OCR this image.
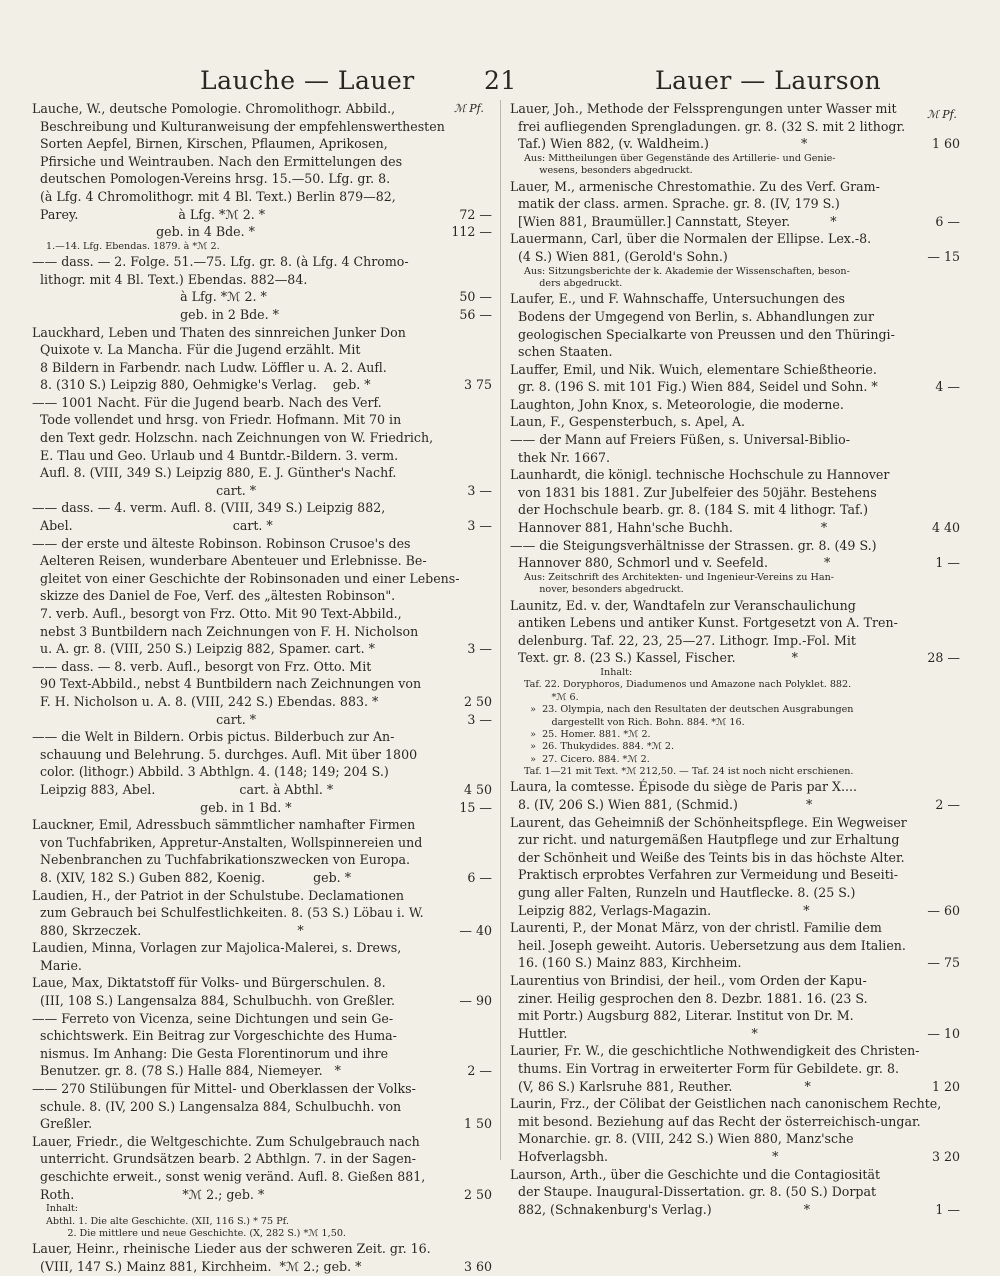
Lauche — Lauer	21	Lauer — Laurson
ℳ Pf.	ℳ Pf.
Lauche, W., deutsche Pomologie. Chromolithogr. Abbild.,
Beschreibung und Kulturanweisung der empfehlenswerthesten
Sorten Aepfel, Birnen, Kirschen, Pflaumen, Aprikosen,
Pfirsiche und Weintrauben. Nach den Ermittelungen des
deutschen Pomologen-Vereins hrsg. 15.—50. Lfg. gr. 8.
(à Lfg. 4 Chromolithogr. mit 4 Bl. Text.) Berlin 879—82,
Parey.                         à Lfg. *ℳ 2. *	72 —
geb. in 4 Bde. *	112 —
1.—14. Lfg. Ebendas. 1879. à *ℳ 2.
—— dass. — 2. Folge. 51.—75. Lfg. gr. 8. (à Lfg. 4 Chromo-
lithogr. mit 4 Bl. Text.) Ebendas. 882—84.
à Lfg. *ℳ 2. *	50 —
geb. in 2 Bde. *	56 —
Lauckhard, Leben und Thaten des sinnreichen Junker Don
Quixote v. La Mancha. Für die Jugend erzählt. Mit
8 Bildern in Farbendr. nach Ludw. Löffler u. A. 2. Aufl.
8. (310 S.) Leipzig 880, Oehmigke's Verlag.    geb. *	3 75
—— 1001 Nacht. Für die Jugend bearb. Nach des Verf.
Tode vollendet und hrsg. von Friedr. Hofmann. Mit 70 in
den Text gedr. Holzschn. nach Zeichnungen von W. Friedrich,
E. Tlau und Geo. Urlaub und 4 Buntdr.-Bildern. 3. verm.
Aufl. 8. (VIII, 349 S.) Leipzig 880, E. J. Günther's Nachf.
cart. *	3 —
—— dass. — 4. verm. Aufl. 8. (VIII, 349 S.) Leipzig 882,
Abel.                                        cart. *	3 —
—— der erste und älteste Robinson. Robinson Crusoe's des
Aelteren Reisen, wunderbare Abenteuer und Erlebnisse. Be-
gleitet von einer Geschichte der Robinsonaden und einer Lebens-
skizze des Daniel de Foe, Verf. des „ältesten Robinson".
7. verb. Aufl., besorgt von Frz. Otto. Mit 90 Text-Abbild.,
nebst 3 Buntbildern nach Zeichnungen von F. H. Nicholson
u. A. gr. 8. (VIII, 250 S.) Leipzig 882, Spamer. cart. *	3 —
—— dass. — 8. verb. Aufl., besorgt von Frz. Otto. Mit
90 Text-Abbild., nebst 4 Buntbildern nach Zeichnungen von
F. H. Nicholson u. A. 8. (VIII, 242 S.) Ebendas. 883. *	2 50
cart. *	3 —
—— die Welt in Bildern. Orbis pictus. Bilderbuch zur An-
schauung und Belehrung. 5. durchges. Aufl. Mit über 1800
color. (lithogr.) Abbild. 3 Abthlgn. 4. (148; 149; 204 S.)
Leipzig 883, Abel.                     cart. à Abthl. *	4 50
geb. in 1 Bd. *	15 —
Lauckner, Emil, Adressbuch sämmtlicher namhafter Firmen
von Tuchfabriken, Appretur-Anstalten, Wollspinnereien und
Nebenbranchen zu Tuchfabrikationszwecken von Europa.
8. (XIV, 182 S.) Guben 882, Koenig.            geb. *	6 —
Laudien, H., der Patriot in der Schulstube. Declamationen
zum Gebrauch bei Schulfestlichkeiten. 8. (53 S.) Löbau i. W.
880, Skrzeczek.                                       *	— 40
Laudien, Minna, Vorlagen zur Majolica-Malerei, s. Drews,
Marie.
Laue, Max, Diktatstoff für Volks- und Bürgerschulen. 8.
(III, 108 S.) Langensalza 884, Schulbuchh. von Greßler.	— 90
—— Ferreto von Vicenza, seine Dichtungen und sein Ge-
schichtswerk. Ein Beitrag zur Vorgeschichte des Huma-
nismus. Im Anhang: Die Gesta Florentinorum und ihre
Benutzer. gr. 8. (78 S.) Halle 884, Niemeyer.   *	2 —
—— 270 Stilübungen für Mittel- und Oberklassen der Volks-
schule. 8. (IV, 200 S.) Langensalza 884, Schulbuchh. von
Greßler.	1 50
Lauer, Friedr., die Weltgeschichte. Zum Schulgebrauch nach
unterricht. Grundsätzen bearb. 2 Abthlgn. 7. in der Sagen-
geschichte erweit., sonst wenig veränd. Aufl. 8. Gießen 881,
Roth.                           *ℳ 2.; geb. *	2 50
Inhalt:
Abthl. 1. Die alte Geschichte. (XII, 116 S.) * 75 Pf.
2. Die mittlere und neue Geschichte. (X, 282 S.) *ℳ 1,50.
Lauer, Heinr., rheinische Lieder aus der schweren Zeit. gr. 16.
(VIII, 147 S.) Mainz 881, Kirchheim.  *ℳ 2.; geb. *	3 60
Lauer, Joh., Methode der Felssprengungen unter Wasser mit
frei aufliegenden Sprengladungen. gr. 8. (32 S. mit 2 lithogr.
Taf.) Wien 882, (v. Waldheim.)                       *	1 60
Aus: Mittheilungen über Gegenstände des Artillerie- und Genie-
wesens, besonders abgedruckt.
Lauer, M., armenische Chrestomathie. Zu des Verf. Gram-
matik der class. armen. Sprache. gr. 8. (IV, 179 S.)
[Wien 881, Braumüller.] Cannstatt, Steyer.          *	6 —
Lauermann, Carl, über die Normalen der Ellipse. Lex.-8.
(4 S.) Wien 881, (Gerold's Sohn.)	— 15
Aus: Sitzungsberichte der k. Akademie der Wissenschaften, beson-
ders abgedruckt.
Laufer, E., und F. Wahnschaffe, Untersuchungen des
Bodens der Umgegend von Berlin, s. Abhandlungen zur
geologischen Specialkarte von Preussen und den Thüringi-
schen Staaten.
Lauffer, Emil, und Nik. Wuich, elementare Schießtheorie.
gr. 8. (196 S. mit 101 Fig.) Wien 884, Seidel und Sohn. *	4 —
Laughton, John Knox, s. Meteorologie, die moderne.
Laun, F., Gespensterbuch, s. Apel, A.
—— der Mann auf Freiers Füßen, s. Universal-Biblio-
thek Nr. 1667.
Launhardt, die königl. technische Hochschule zu Hannover
von 1831 bis 1881. Zur Jubelfeier des 50jähr. Bestehens
der Hochschule bearb. gr. 8. (184 S. mit 4 lithogr. Taf.)
Hannover 881, Hahn'sche Buchh.                      *	4 40
—— die Steigungsverhältnisse der Strassen. gr. 8. (49 S.)
Hannover 880, Schmorl und v. Seefeld.              *	1 —
Aus: Zeitschrift des Architekten- und Ingenieur-Vereins zu Han-
nover, besonders abgedruckt.
Launitz, Ed. v. der, Wandtafeln zur Veranschaulichung
antiken Lebens und antiker Kunst. Fortgesetzt von A. Tren-
delenburg. Taf. 22, 23, 25—27. Lithogr. Imp.-Fol. Mit
Text. gr. 8. (23 S.) Kassel, Fischer.              *	28 —
Inhalt:
Taf. 22. Doryphoros, Diadumenos und Amazone nach Polyklet. 882.
*ℳ 6.
»  23. Olympia, nach den Resultaten der deutschen Ausgrabungen
dargestellt von Rich. Bohn. 884. *ℳ 16.
»  25. Homer. 881. *ℳ 2.
»  26. Thukydides. 884. *ℳ 2.
»  27. Cicero. 884. *ℳ 2.
Taf. 1—21 mit Text. *ℳ 212,50. — Taf. 24 ist noch nicht erschienen.
Laura, la comtesse. Épisode du siège de Paris par X....
8. (IV, 206 S.) Wien 881, (Schmid.)                 *	2 —
Laurent, das Geheimniß der Schönheitspflege. Ein Wegweiser
zur richt. und naturgemäßen Hautpflege und zur Erhaltung
der Schönheit und Weiße des Teints bis in das höchste Alter.
Praktisch erprobtes Verfahren zur Vermeidung und Beseiti-
gung aller Falten, Runzeln und Hautflecke. 8. (25 S.)
Leipzig 882, Verlags-Magazin.                       *	— 60
Laurenti, P., der Monat März, von der christl. Familie dem
heil. Joseph geweiht. Autoris. Uebersetzung aus dem Italien.
16. (160 S.) Mainz 883, Kirchheim.	— 75
Laurentius von Brindisi, der heil., vom Orden der Kapu-
ziner. Heilig gesprochen den 8. Dezbr. 1881. 16. (23 S.
mit Portr.) Augsburg 882, Literar. Institut von Dr. M.
Huttler.                                              *	— 10
Laurier, Fr. W., die geschichtliche Nothwendigkeit des Christen-
thums. Ein Vortrag in erweiterter Form für Gebildete. gr. 8.
(V, 86 S.) Karlsruhe 881, Reuther.                  *	1 20
Laurin, Frz., der Cölibat der Geistlichen nach canonischem Rechte,
mit besond. Beziehung auf das Recht der österreichisch-ungar.
Monarchie. gr. 8. (VIII, 242 S.) Wien 880, Manz'sche
Hofverlagsbh.                                         *	3 20
Laurson, Arth., über die Geschichte und die Contagiosität
der Staupe. Inaugural-Dissertation. gr. 8. (50 S.) Dorpat
882, (Schnakenburg's Verlag.)                       *	1 —
